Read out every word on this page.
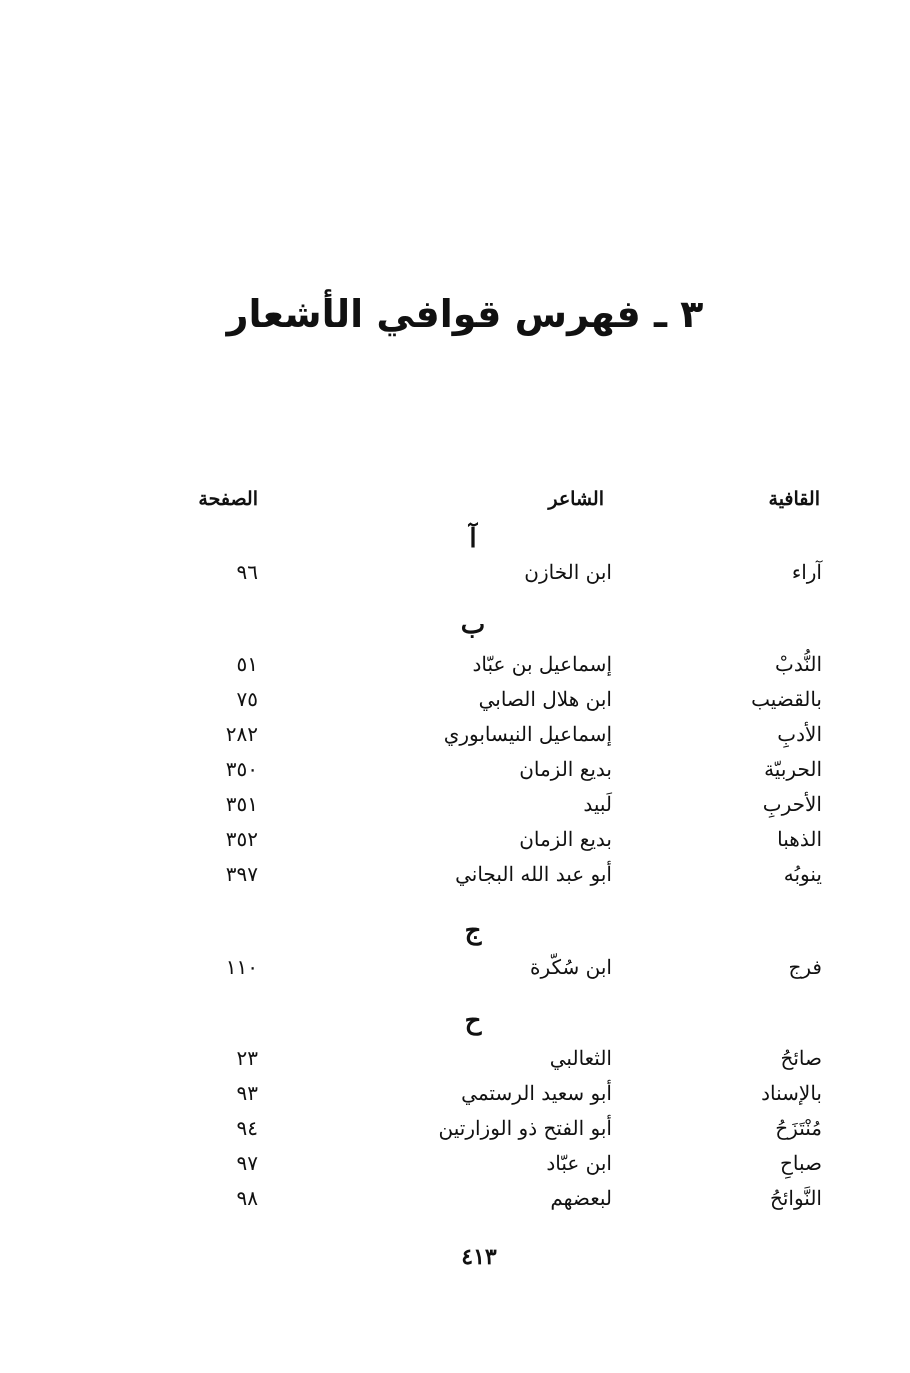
٣ ـ فهرس قوافي الأشعار
القافية
الشاعر
الصفحة
آ
آراء
ابن الخازن
٩٦
ب
النُّدبْ
إسماعيل بن عبّاد
٥١
بالقضيب
ابن هلال الصابي
٧٥
الأدبِ
إسماعيل النيسابوري
٢٨٢
الحربيّة
بديع الزمان
٣٥٠
الأحربِ
لَبيد
٣٥١
الذهبا
بديع الزمان
٣٥٢
ينوبُه
أبو عبد الله البجاني
٣٩٧
ج
فرج
ابن سُكّرة
١١٠
ح
صائحُ
الثعالبي
٢٣
بالإسناد
أبو سعيد الرستمي
٩٣
مُنْتَزَحُ
أبو الفتح ذو الوزارتين
٩٤
صباحِ
ابن عبّاد
٩٧
النَّوائحُ
لبعضهم
٩٨
٤١٣
